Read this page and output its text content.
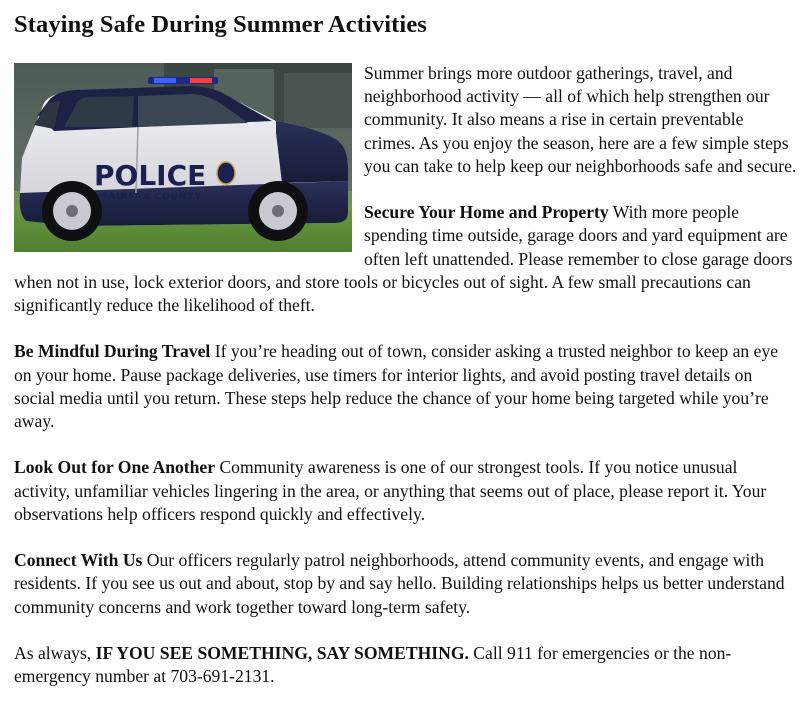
Staying Safe During Summer Activities
POLICE
FAIRFAX COUNTY

Summer brings more outdoor gatherings, travel, and neighborhood activity — all of which help strengthen our community. It also means a rise in certain preventable crimes. As you enjoy the season, here are a few simple steps you can take to help keep our neighborhoods safe and secure.

Secure Your Home and Property With more people spending time outside, garage doors and yard equipment are often left unattended. Please remember to close garage doors when not in use, lock exterior doors, and store tools or bicycles out of sight. A few small precautions can significantly reduce the likelihood of theft.

Be Mindful During Travel If you’re heading out of town, consider asking a trusted neighbor to keep an eye on your home. Pause package deliveries, use timers for interior lights, and avoid posting travel details on social media until you return. These steps help reduce the chance of your home being targeted while you’re away.

Look Out for One Another Community awareness is one of our strongest tools. If you notice unusual activity, unfamiliar vehicles lingering in the area, or anything that seems out of place, please report it. Your observations help officers respond quickly and effectively.

Connect With Us Our officers regularly patrol neighborhoods, attend community events, and engage with residents. If you see us out and about, stop by and say hello. Building relationships helps us better understand community concerns and work together toward long-term safety.

As always, IF YOU SEE SOMETHING, SAY SOMETHING. Call 911 for emergencies or the non-emergency number at 703-691-2131.
